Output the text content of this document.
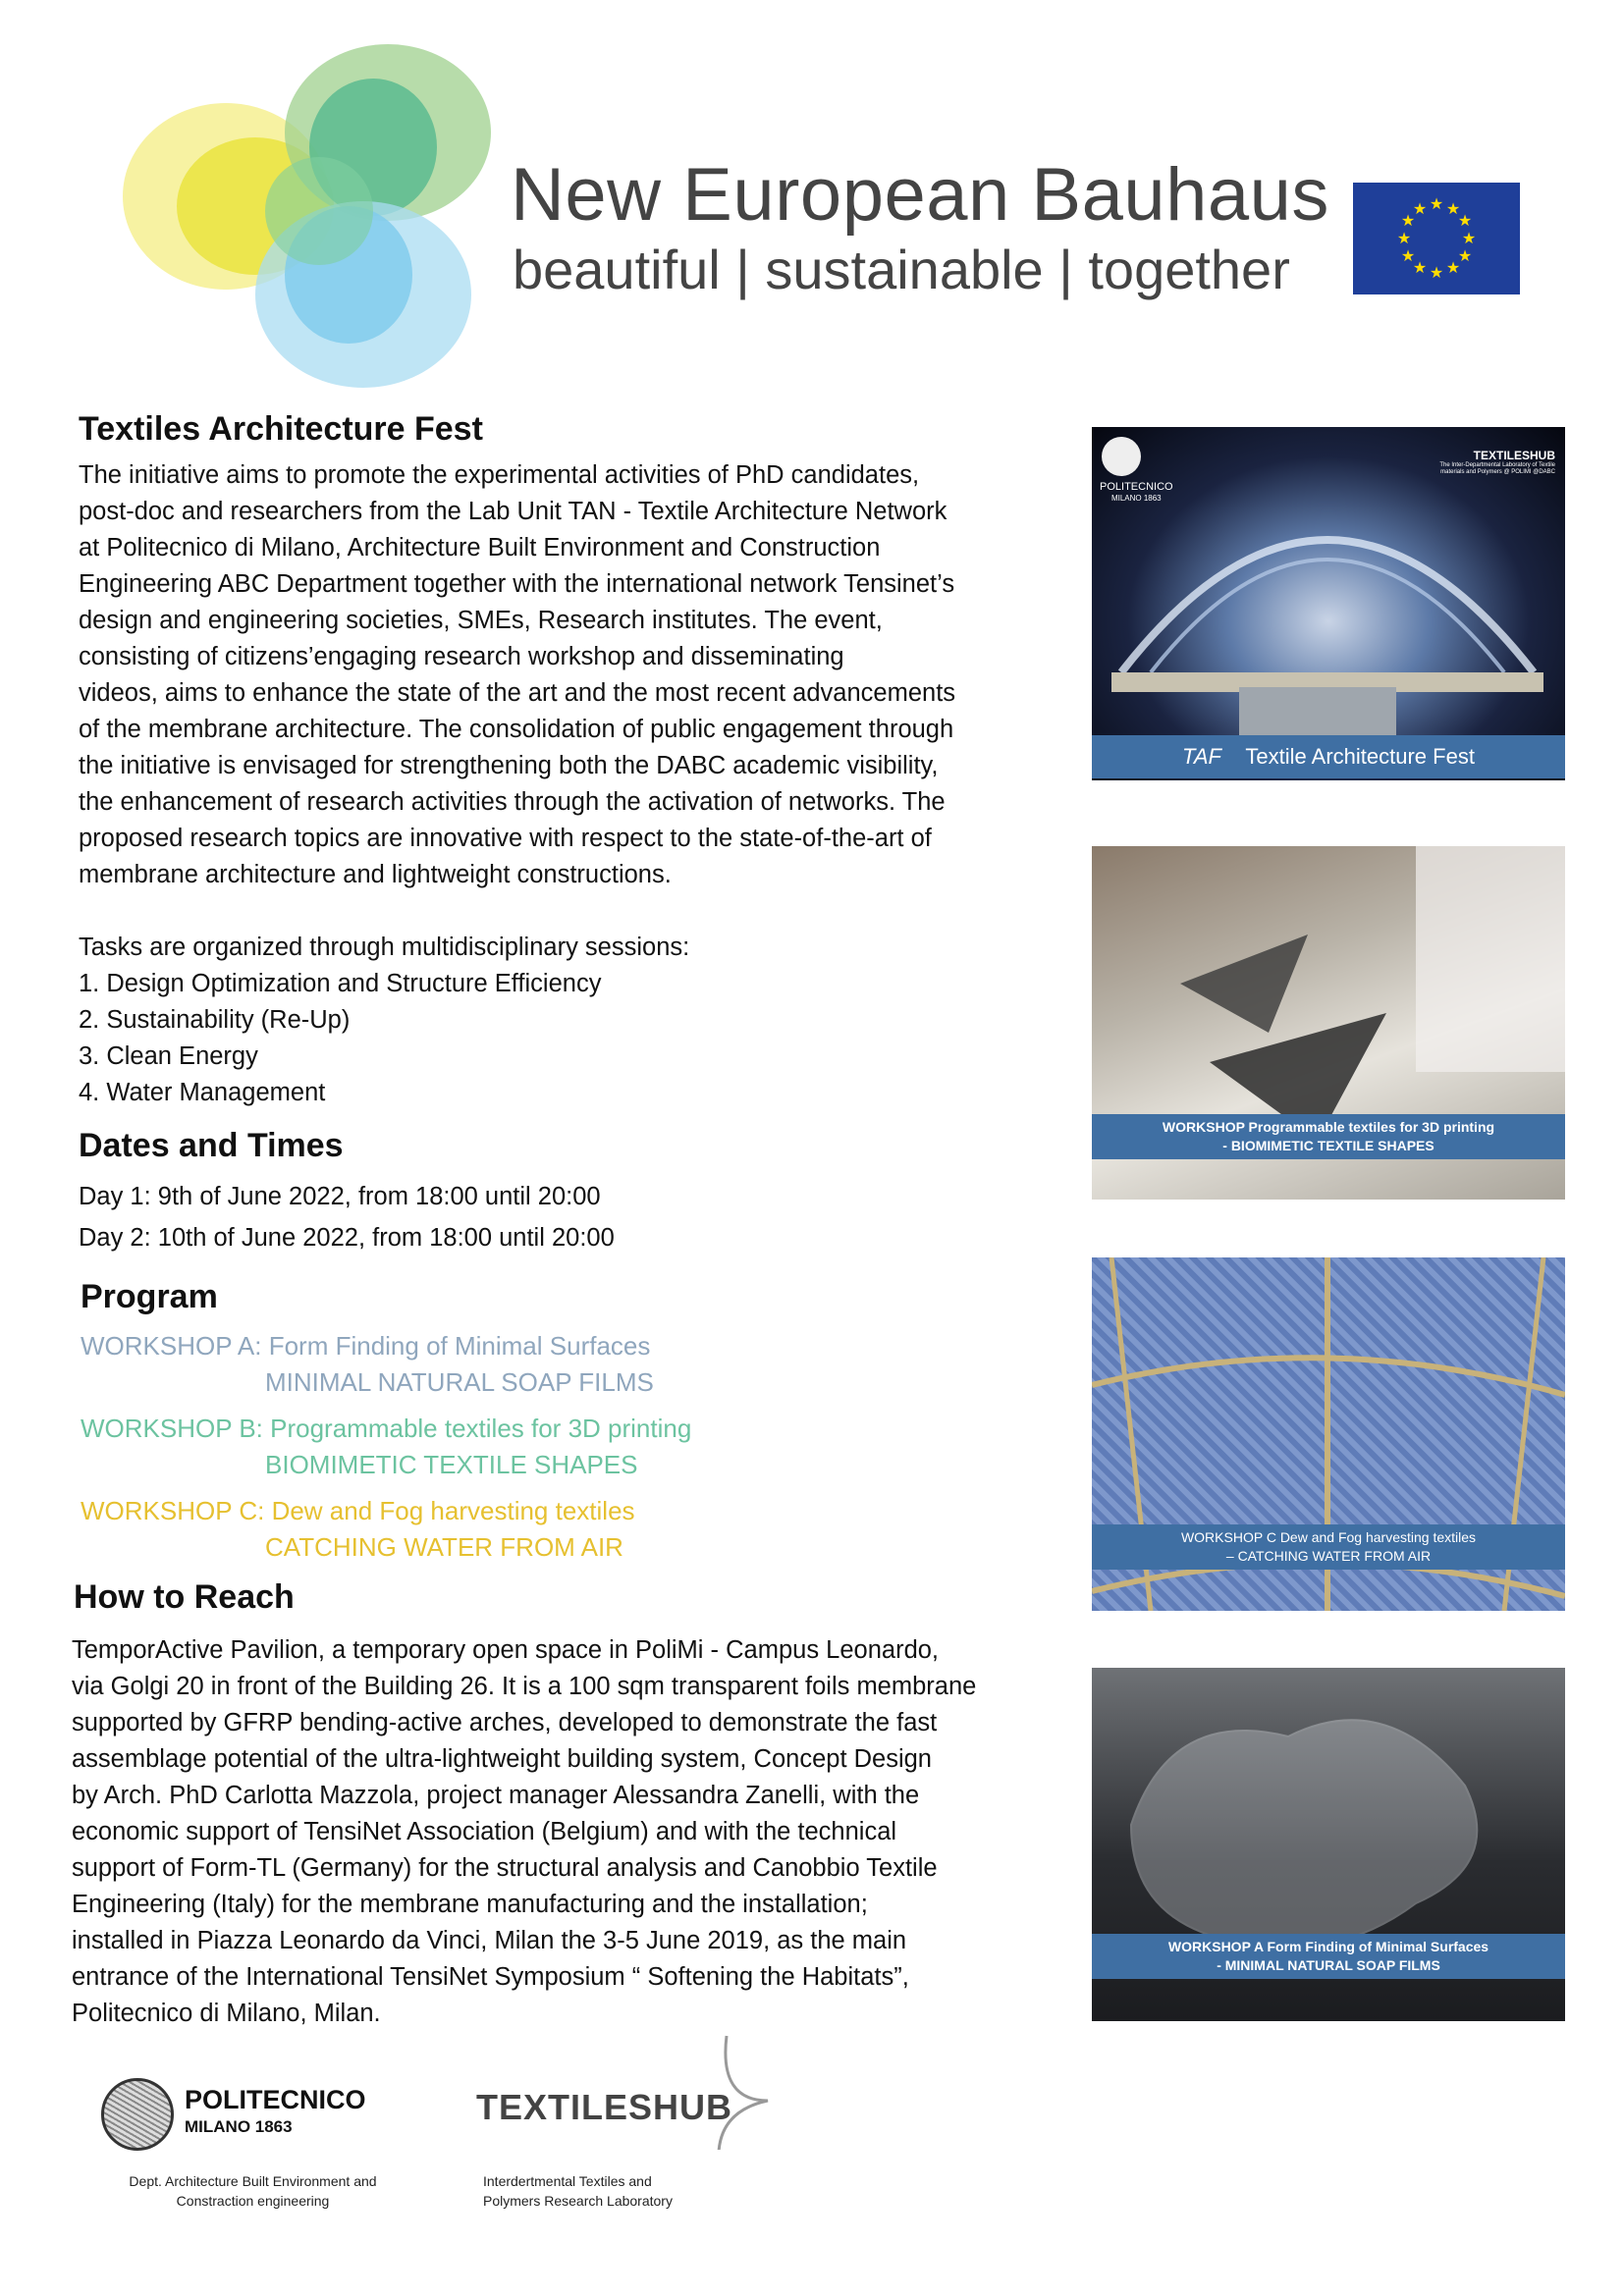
New European Bauhaus
beautiful | sustainable | together
★ ★
★
★
★
★
★
★
★
★
★
★
Textiles Architecture Fest
The initiative aims to promote the experimental activities of PhD candidates,
post-doc and researchers from the Lab Unit TAN - Textile Architecture Network
at Politecnico di Milano, Architecture Built Environment and Construction
Engineering ABC Department together with the international network Tensinet’s
design and engineering societies, SMEs, Research institutes. The event,
consisting of citizens’engaging research workshop and disseminating
videos, aims to enhance the state of the art and the most recent advancements
of the membrane architecture. The consolidation of public engagement through
the initiative is envisaged for strengthening both the DABC academic visibility,
the enhancement of research activities through the activation of networks. The
proposed research topics are innovative with respect to the state-of-the-art of
membrane architecture and lightweight constructions.

Tasks are organized through multidisciplinary sessions:
1. Design Optimization and Structure Efficiency
2. Sustainability (Re-Up)
3. Clean Energy
4. Water Management
Dates and Times
Day 1: 9th of June 2022, from 18:00 until 20:00
Day 2: 10th of June 2022, from 18:00 until 20:00
Program
WORKSHOP A: Form Finding of Minimal Surfaces
MINIMAL NATURAL SOAP FILMS
WORKSHOP B: Programmable textiles for 3D printing
BIOMIMETIC TEXTILE SHAPES
WORKSHOP C: Dew and Fog harvesting textiles
CATCHING WATER FROM AIR
How to Reach
TemporActive Pavilion, a temporary open space in PoliMi - Campus Leonardo,
via Golgi 20 in front of the Building 26. It is a 100 sqm transparent foils membrane
supported by GFRP bending-active arches, developed to demonstrate the fast
assemblage potential of the ultra-lightweight building system, Concept Design
by Arch. PhD Carlotta Mazzola, project manager Alessandra Zanelli, with the
economic support of TensiNet Association (Belgium) and with the technical
support of Form-TL (Germany) for the structural analysis and Canobbio Textile
Engineering (Italy) for the membrane manufacturing and the installation;
installed in Piazza Leonardo da Vinci, Milan the 3-5 June 2019, as the main
entrance of the International TensiNet Symposium “ Softening the Habitats”,
Politecnico di Milano, Milan.
POLITECNICO
MILANO 1863
TEXTILESHUB
The Inter-Departmental Laboratory of Textile materials and Polymers @ POLIMI @DABC
TAF Textile Architecture Fest
WORKSHOP Programmable textiles for 3D printing
- BIOMIMETIC TEXTILE SHAPES
WORKSHOP C Dew and Fog harvesting textiles
– CATCHING WATER FROM AIR
WORKSHOP A Form Finding of Minimal Surfaces
- MINIMAL NATURAL SOAP FILMS
POLITECNICO
MILANO 1863
Dept. Architecture Built Environment and
Constraction engineering
TEXTILESHUB
Interdertmental Textiles and
Polymers Research Laboratory
